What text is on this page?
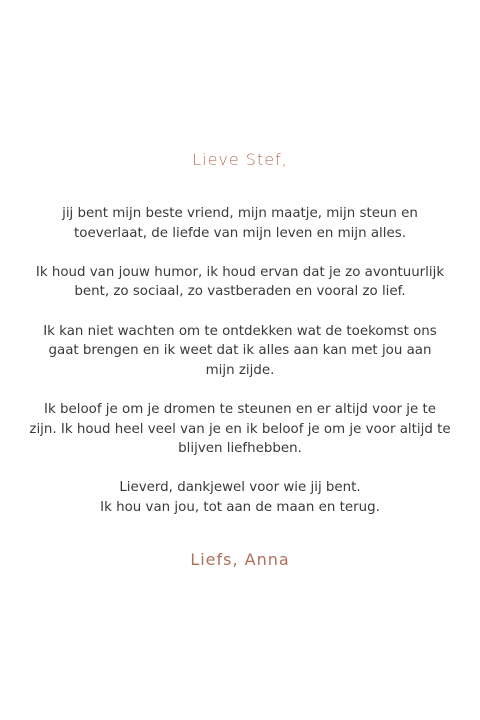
Lieve Stef,

jij bent mijn beste vriend, mijn maatje, mijn steun en
toeverlaat, de liefde van mijn leven en mijn alles.

Ik houd van jouw humor, ik houd ervan dat je zo avontuurlijk
bent, zo sociaal, zo vastberaden en vooral zo lief.

Ik kan niet wachten om te ontdekken wat de toekomst ons
gaat brengen en ik weet dat ik alles aan kan met jou aan
mijn zijde.

Ik beloof je om je dromen te steunen en er altijd voor je te
zijn. Ik houd heel veel van je en ik beloof je om je voor altijd te
blijven liefhebben.

Lieverd, dankjewel voor wie jij bent.
Ik hou van jou, tot aan de maan en terug.

Liefs, Anna
